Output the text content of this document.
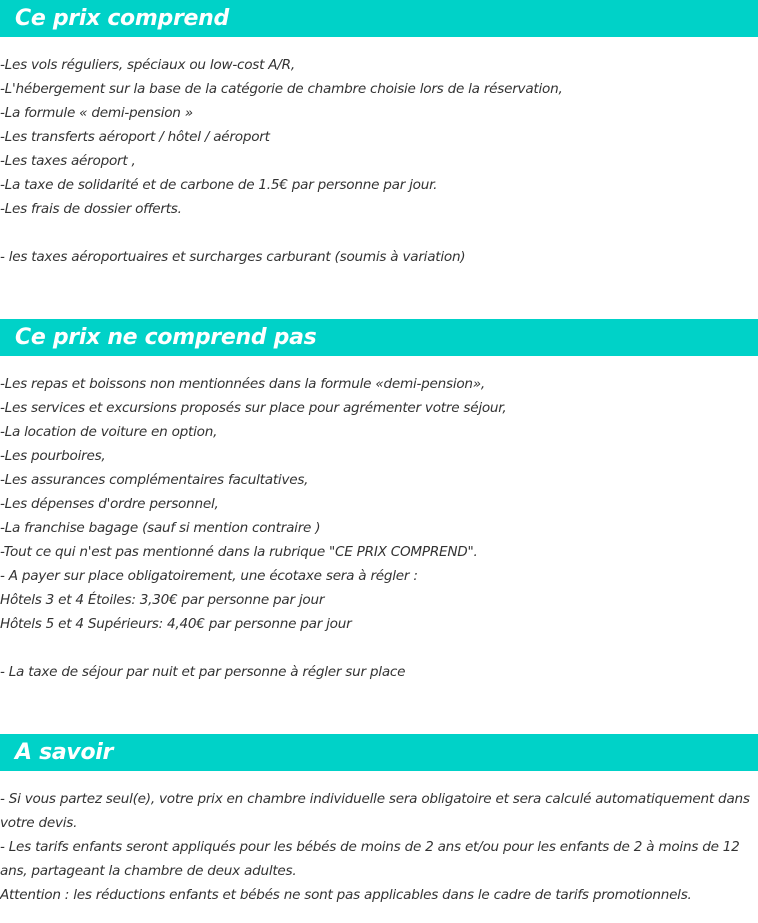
Ce prix comprend
-Les vols réguliers, spéciaux ou low-cost A/R,
-L'hébergement sur la base de la catégorie de chambre choisie lors de la réservation,
-La formule « demi-pension »
-Les transferts aéroport / hôtel / aéroport
-Les taxes aéroport ,
-La taxe de solidarité et de carbone de 1.5€ par personne par jour.
-Les frais de dossier offerts.
- les taxes aéroportuaires et surcharges carburant (soumis à variation)
Ce prix ne comprend pas
-Les repas et boissons non mentionnées dans la formule «demi-pension»,
-Les services et excursions proposés sur place pour agrémenter votre séjour,
-La location de voiture en option,
-Les pourboires,
-Les assurances complémentaires facultatives,
-Les dépenses d'ordre personnel,
-La franchise bagage (sauf si mention contraire )
-Tout ce qui n'est pas mentionné dans la rubrique "CE PRIX COMPREND".
- A payer sur place obligatoirement, une écotaxe sera à régler :
Hôtels 3 et 4 Étoiles: 3,30€ par personne par jour
Hôtels 5 et 4 Supérieurs: 4,40€ par personne par jour
- La taxe de séjour par nuit et par personne à régler sur place
A savoir
- Si vous partez seul(e), votre prix en chambre individuelle sera obligatoire et sera calculé automatiquement dans votre devis.
- Les tarifs enfants seront appliqués pour les bébés de moins de 2 ans et/ou pour les enfants de 2 à moins de 12 ans, partageant la chambre de deux adultes.
Attention : les réductions enfants et bébés ne sont pas applicables dans le cadre de tarifs promotionnels.
